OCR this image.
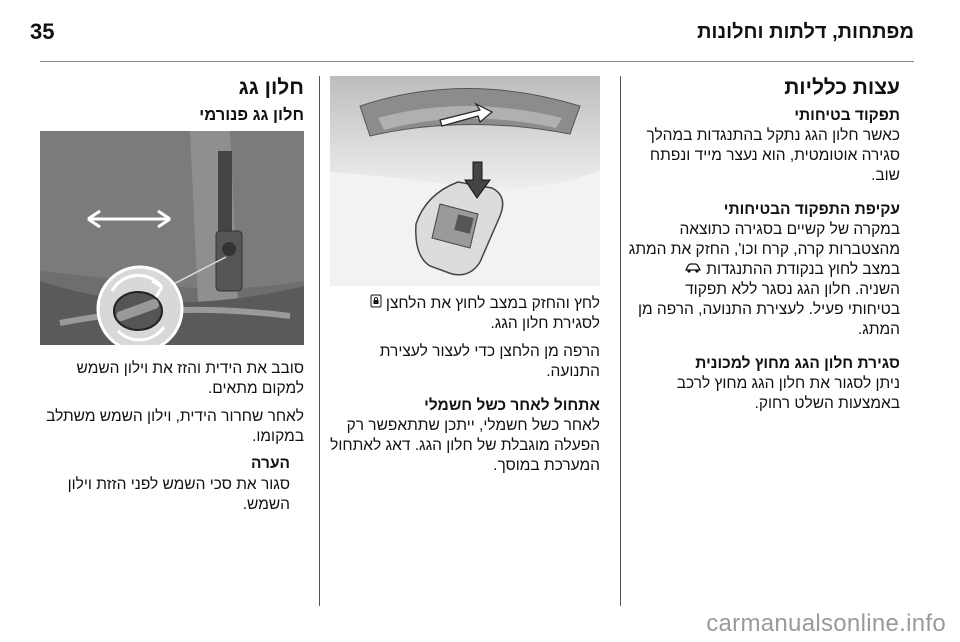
מפתחות, דלתות וחלונות
35
עצות כלליות
תפקוד בטיחותי

כאשר חלון הגג נתקל בהתנגדות במהלך

סגירה אוטומטית, הוא נעצר מייד ונפתח

שוב.

עקיפת התפקוד הבטיחותי

במקרה של קשיים בסגירה כתוצאה

מהצטברות קרה, קרח וכו', החזק את המתג

במצב לחוץ בנקודת ההתנגדות

השניה. חלון הגג נסגר ללא תפקוד

בטיחותי פעיל. לעצירת התנועה, הרפה מן

המתג.

סגירת חלון הגג מחוץ למכונית

ניתן לסגור את חלון הגג מחוץ לרכב

באמצעות השלט רחוק.

לחץ והחזק במצב לחוץ את הלחצן

לסגירת חלון הגג.

הרפה מן הלחצן כדי לעצור לעצירת התנועה.

אתחול לאחר כשל חשמלי

לאחר כשל חשמלי, ייתכן שתתאפשר רק

הפעלה מוגבלת של חלון הגג. דאג לאתחול

המערכת במוסך.

חלון גג
חלון גג פנורמי

סובב את הידית והזז את וילון השמש

למקום מתאים.

לאחר שחרור הידית, וילון השמש משתלב

במקומו.

הערה

סגור את סכי השמש לפני הזזת וילון

השמש.

carmanualsonline.info
